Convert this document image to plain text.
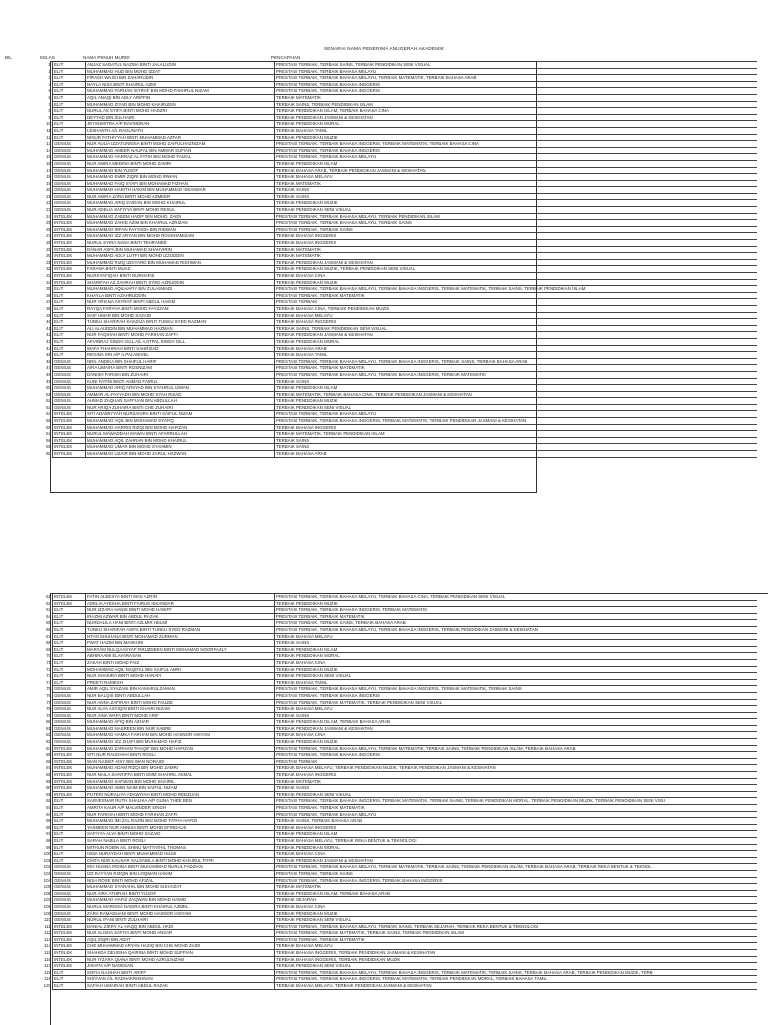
SENARAI NAMA PENERIMA ANUGERAH AKADEMIK
BIL	KELAS	NAMA PENUH MURID	PENCAPAIAN
1	ELIT	ANJAZ SADATUL NAZWA BINTI JALALUDIN	PRESTASI TERBAIK, TERBAIK SAINS, TERBAIK PENDIDIKAN SENI VISUAL
2	ELIT	MUHAMMAD HUD BIN MOHD IZZAT	PRESTASI TERBAIK, TERBAIK BAHASA MELAYU
3	ELIT	FIRASH WAJDI BIN ZAHARUDIN	PRESTASI TERBAIK, TERBAIK BAHASA MELAYU, TERBAIK MATEMATIK, TERBAIK BAHASA ARAB
4	ELIT	NAYLA NISA BINTI KHAIRUL AZMI	PRESTASI TERBAIK, TERBAIK BAHASA INGGERIS
5	ELIT	MUHAMMAD FARHAN ISYRAF BIN MOHD FAKHRUL NIZAM	PRESTASI TERBAIK, TERBAIK BAHASA INGGERIS
6	ELIT	AQIL ANAQI BIN ADLY ARIFFIN	TERBAIK MATEMATIK
7	ELIT	MUHAMMAD ZIYAD BIN MOHD KHAIRUDIN	TERBAIK SAINS, TERBAIK PENDIDIKAN ISLAM
8	ELIT	NURUL AS SYIFA BINTI MOHD HADZRI	TERBAIK PENDIDIKAN ISLAM, TERBAIK BAHASA CINA
9	ELIT	DEYYAD BIN ZULHAIRI	TERBAIK PENDIDIKAN JASMANI & KESIHATAN
10	ELIT	JEYSHMITRA A/P RAVINDRAN	TERBAIK PENDIDIKAN MORAL
11	ELIT	LESHANTH A/L RAGUNATH	TERBAIK BAHASA TAMIL
12	ELIT	NINUR FATHIYYAH BINTI MUHAMMAD AZFAR	TERBAIK PENDIDIKAN MUZIK
13	GENIUS	NUR AULIA IZZATUNNISA BINTI MOHD ZAIFULHAZNIZAM	PRESTASI TERBAIK, TERBAIK BAHASA INGGERIS, TERBAIK MATEMATIK, TERBAIK BAHASA CINA
14	GENIUS	MUHAMMAD AMEER NAUFAL BIN AMMAR SUFIAN	PRESTASI TERBAIK, TERBAIK BAHASA INGGERIS
15	GENIUS	MUHAMMAD HARRAZ AL FATIH BIN MOHD FAIZAL	PRESTASI TERBAIK, TERBAIK BAHASA MELAYU
16	GENIUS	NUR AMIRA MEDINA BINTI MOHD ZAMRI	TERBAIK PENDIDIKAN ISLAM
17	GENIUS	MUHAMMAD BIN YUSOF	TERBAIK BAHASA ARAB, TERBAIK PENDIDIKAN JASMANI & KESIHATAN
18	GENIUS	MUHAMMAD EMIR ZIQRI BIN MOHD IRWAN	TERBAIK BAHASA MELAYU
19	GENIUS	MUHAMMAD FAIQ SYAFI BIN MOHAMAD FIZHAN	TERBAIK MATEMATIK
20	GENIUS	MUHAMMAD HARITH HAKIM BIN MUHAMMAD ISKANDAR	TERBAIK SAINS
21	GENIUS	NUR AMIRA ZARA BINTI MOHD AZMEER	TERBAIK SAINS
22	GENIUS	MUHAMMAD ARIQ ZAIDAN BIN MOHD KHAIRUL	TERBAIK PENDIDIKAN MUZIK
23	GENIUS	NUR ADELIA SAFIYYA BINTI MOHD RESUL	TERBAIK PENDIDIKAN SENI VISUAL
24	INTELEK	MUHAMMAD ZAEEM HADIF BIN MOHD. ZAIDI	PRESTASI TERBAIK, TERBAIK BAHASA MELAYU, TERBAIK PENDIDIKAN ISLAM
25	INTELEK	MUHAMMAD ZAHID AZIM BIN KHAIRUL AZRIZAN	PRESTASI TERBAIK, TERBAIK BAHASA MELAYU, TERBAIK SAINS
26	INTELEK	MUHAMMAD IRFAN FAYYADH BIN RIDWAN	PRESTASI TERBAIK, TERBAIK SAINS
27	INTELEK	MUHAMMAD IZZ ARYAN BIN MOHD ROSSHAMIZAM	TERBAIK BAHASA INGGERIS
28	INTELEK	NURUL SYIRA NANA BINTI TEHRANEE	TERBAIK BAHASA INGGERIS
29	INTELEK	DANAR ASFA BIN MUHAMAD SHAHVIRIN	TERBAIK MATEMATIK
30	INTELEK	MUHAMMAD ADLY LUTFI BIN MOHD IZZUDDIN	TERBAIK MATEMATIK
31	INTELEK	MUHAMMAD RIZQ IZDIYARD BIN MUHAMAD RIDHWAN	TERBAIK PENDIDIKAN JASMANI & KESIHATAN
32	INTELEK	FARANA BINTI MUAZ	TERBAIK PENDIDIKAN MUZIK, TERBAIK PENDIDIKAN SENI VISUAL
33	INTELEK	NURSYAFIQAH BINTI NURHAFIS	TERBAIK BAHASA CINA
34	INTELEK	SHARIFAH AZ ZAHRAH BINTI SYED AZRUDDIN	TERBAIK PENDIDIKAN MUZIK
35	ELIT	MUHAMMAD AQILHAFIY BIN ZULASWADI	PRESTASI TERBAIK, TERBAIK BAHASA MELAYU, TERBAIK BAHASA INGGERIS, TERBAIK MATEMATIK, TERBAIK SAINS, TERBAIK PENDIDIKAN ISLAM
36	ELIT	KHAYLA BINTI AZAHRUDDIN	PRESTASI TERBAIK, TERBAIK MATEMATIK
37	ELIT	NUR ARIANA ASYRAF BINTI ABDUL HAKIM	PRESTASI TERBAIK
38	ELIT	RAYQA FARYHA BINTI MOHD FAYZZAM	TERBAIK BAHASA CINA, TERBAIK PENDIDIKAN MUZIK
39	ELIT	SAIF UMAR BIN MOHD SAZAID	TERBAIK BAHASA MELAYU
40	ELIT	TUNKU SHARIFAH KHADIJA BINTI TUNKU SYED RAZMAN	TERBAIK BAHASA INGGERIS
41	ELIT	ALI ALAUDDIN BIN MUHAMMAD HAZMAN	TERBAIK SAINS, TERBAIK PENDIDIKAN SENI VISUAL
42	ELIT	NUR FAQIHAH BINTI MOHD FARIHAN ZAFFI	TERBAIK PENDIDIKAN JASMANI & KESIHATAN
43	ELIT	AKVINRAJ SINGH GILL A/L AJITPAL SINGH GILL	TERBAIK PENDIDIKAN MORAL
44	ELIT	WAFA THAHIRAH BINTI SAHRIZAD	TERBAIK BAHASA ARAB
45	ELIT	REGINA SRI A/P A.PALANIVEL	TERBAIK BAHASA TAMIL
46	GENIUS	NRIL ANDIKA BIN SHAIFUL HARIF	PRESTASI TERBAIK, TERBAIK BAHASA MELAYU, TERBAIK BAHASA INGGERIS, TERBAIK SAINS, TERBAIK BAHASA ARAB
47	GENIUS	AIRA UMAIRA BINTI ROSNIZAM	PRESTASI TERBAIK, TERBAIK MATEMATIK
48	GENIUS	DANISH FARISH BIN ZUHAIRI	PRESTASI TERBAIK, TERBAIK BAHASA MELAYU, TERBAIK BAHASA INGGERIS, TERBAIK MATEMATIK
49	GENIUS	KUNI FATINI BINTI AHMAD FAIRUL	TERBAIK SAINS
50	GENIUS	MUHAMMAD ARIQ ARSYAD BIN SYAHRUL IZWAN	TERBAIK PENDIDIKAN ISLAM
51	GENIUS	AMMAR AL-FAYYADH BIN MOHD SYAH RIZAD	TERBAIK MATEMATIK, TERBAIK BAHASA CINA, TERBAIK PENDIDIKAN JASMANI & KESIHATAN
52	GENIUS	AHMAD ZAQUAN SAFFUAN BIN ABDULLAH	TERBAIK PENDIDIKAN MUZIK
53	GENIUS	NUR ARIQA ZUHAIRA BINTI CHE ZUHAIRI	TERBAIK PENDIDIKAN SENI VISUAL
54	INTELEK	SITI ADAWIYYAH NURZAHIRA BINTI SAIFUL NIZAM	PRESTASI TERBAIK, TERBAIK BAHASA MELAYU
55	INTELEK	MUHAMMAD AQIL BIN MOHAMAD SYAFIQ	PRESTASI TERBAIK, TERBAIK BAHASA INGGERIS, TERBAIK MATEMATIK, TERBAIK PENDIDIKAN JASMANI & KESIHATAN
56	INTELEK	MUHAMMAD HARRIS RIZQI BIN MOHD HAFIZAN	TERBAIK BAHASA INGGERIS
57	INTELEK	NURUL MAWADDAH MAWAI BINTI AFARRULLAH	TERBAIK MATEMATIK, TERBAIK PENDIDIKAN ISLAM
58	INTELEK	MUHAMMAD AQIL ZAHRAN BIN MOHD KHAIRUL	TERBAIK SAINS
59	INTELEK	MUHAMMAD UMAR BIN MOHD SYAHMIN	TERBAIK SAINS
60	INTELEK	MUHAMMAD UZAIR BIN MOHD ZARUL HAZWAN	TERBAIK BAHASA ARAB
61	INTELEK	FATIN ALEESYA BINTI MAS AZRIN	PRESTASI TERBAIK, TERBAIK BAHASA MELAYU, TERBAIK BAHASA CINA, TERBAIK PENDIDIKAN SENI VISUAL
62	INTELEK	ADELIA AYESHA BINTI FAIRUS ISKANDAR	TERBAIK PENDIDIKAN MUZIK
63	ELIT	NUR IZZARA HANIS BINTI MOHD HANIFF	PRESTASI TERBAIK, TERBAIK BAHASA INGGERIS, TERBAIK MATEMATIK
64	ELIT	IRAZMI AZWAR BIN ABDUL RAZAK	PRESTASI TERBAIK, TERBAIK MATEMATIK
65	ELIT	NURDALILA HANI BINTI AZLMIR HELMI	PRESTASI TERBAIK, TERBAIK SAINS, TERBAIK BAHASA ARAB
66	ELIT	TUNKU SHARIFAH ASIFA BINTI TUNKU SYED RAZMAN	PRESTASI TERBAIK, TERBAIK BAHASA MELAYU, TERBAIK BAHASA INGGERIS, TERBAIK PENDIDIKAN JASMANI & KESIHATAN
67	ELIT	NTAN SHUHANA BINTI MOHAMAD ZURMAN	TERBAIK BAHASA MELAYU
68	ELIT	FWAT HAZIM BIN MASKURI	TERBAIK SAINS
69	ELIT	MARYAM NULQAASYAF FIRUZDEEN BINTI MOHAMAD NOORFAZLY	TERBAIK PENDIDIKAN ISLAM
70	ELIT	ABHIRAAMI ELAYARASAN	TERBAIK PENDIDIKAN MORAL
71	ELIT	ZAKAH BINTI MOHD FAIZ	TERBAIK BAHASA CINA
72	ELIT	MOHAMMAD AQIL NAQIFAL BIN SAIFUL AMRI	TERBAIK PENDIDIKAN MUZIK
73	ELIT	NUR SHAKIRA BINTI MOHD HANAFI	TERBAIK PENDIDIKAN SENI VISUAL
74	ELIT	PREETI RAMESH	TERBAIK BAHASA TAMIL
75	GENIUS	AMIR AQIL SYAZANI BIN KAMARULZAMAN	PRESTASI TERBAIK, TERBAIK BAHASA MELAYU, TERBAIK BAHASA INGGERIS, TERBAIK MATEMATIK, TERBAIK SAINS
76	GENIUS	NUR BALQIS BINTI ABDULLAH	PRESTASI TERBAIK, TERBAIK BAHASA INGGERIS
77	GENIUS	NUR ANNA ZAFIRAH BINTI MOHD FAUZIE	PRESTASI TERBAIK, TERBAIK MATEMATIK, TERBAIK PENDIDIKAN SENI VISUAL
78	GENIUS	NUR ALYA ASYIQIN BINTI KHAIRI NIZAM	TERBAIK BAHASA MELAYU
79	GENIUS	NUR AINA WAFA BINTI MOHD ARIF	TERBAIK SAINS
80	GENIUS	MUHAMMAD AFIQ BIN AZHAR	TERBAIK PENDIDIKAN ISLAM, TERBAIK BAHASA ARAB
81	GENIUS	MUHAMMAD NASREEN BIN NUR SABRE	TERBAIK PENDIDIKAN JASMANI & KESIHATAN
82	GENIUS	MUHAMMAD HAMKA FARHAN BIN MOHD HASNOR HISYAM	TERBAIK BAHASA CINA
83	GENIUS	MUHAMMAD IZZ ZHAFI BIN MUHAMAD HAFIZ	TERBAIK PENDIDIKAN MUZIK
84	INTELEK	MUHAMMAD ZARHAN THAQIF BIN MOHD HAFIZAN	PRESTASI TERBAIK, TERBAIK BAHASA MELAYU, TERBAIK MATEMATIK, TERBAIK SAINS, TERBAIK PENDIDIKAN ISLAM, TERBAIK BAHASA ARAB
85	INTELEK	SITI NUR RAUDHAH BINTI ROSLI	PRESTASI TERBAIK, TERBAIK BAHASA INGGERIS
86	INTELEK	WAN NASEIF AISY BIN WAN NORAIDI	PRESTASI TERBAIK
87	INTELEK	MUHAMMAD ADAM RIZQI BIN MOHD ZAMRI	TERBAIK BAHASA MELAYU, TERBAIK PENDIDIKAN MUZIK, TERBAIK PENDIDIKAN JASMANI & KESIHATAN
88	INTELEK	NUR NAILA SHARIFFA BINTI EMM SHAHRIL AKMAL	TERBAIK BAHASA INGGERIS
89	INTELEK	MUHAMMAD SAFWAN BIN MOHD SHAIRIL	TERBAIK MATEMATIK
90	INTELEK	MUHAMMAD AMIN NAIM BIN SAIFUL NIZAM	TERBAIK SAINS
91	INTELEK	PUTERI NURALIYA ADAWIYAH BINTI MOHD REDZUAN	TERBAIK PENDIDIKAN SENI VISUAL
92	ELIT	SARVESNAR RUTH SHALHIA A/P GUNA THEE BEN	PRESTASI TERBAIK, TERBAIK BAHASA INGGERIS, TERBAIK MATEMATIK, TERBAIK SAINS, TERBAIK PENDIDIKAN MORAL, TERBAIK PENDIDIKAN MUZIK, TERBAIK PENDIDIKAN SENI VISU
93	ELIT	AMRITA KAUR A/P MALVINDER SINGH	PRESTASI TERBAIK, TERBAIK MATEMATIK
94	ELIT	NUR FARIHAH BINTI MOHD FARIHAN ZAFFI	PRESTASI TERBAIK, TERBAIK BAHASA MELAYU
95	ELIT	MUHAMMAD IMI ZAL RAZIN BIN MOHD FATHA HAFIZI	TERBAIK SAINS, TERBAIK BAHASA ARAB
96	ELIT	YASMEEN NUR ANNISA BINTI MOHD EFIRDAUS	TERBAIK BAHASA INGGERIS
97	ELIT	SAFIYYA ALYA BINTI MOHD SAZAID	TERBAIK PENDIDIKAN ISLAM
98	ELIT	SARAH NABILA BINTI ROSLI	TERBAIK BAHASA MELAYU, TERBAIK REKA BENTUK & TEKNOLOGI
99	ELIT	MITHUN ROBIN A/L SHINU MATTATHIL THOMAS	TERBAIK PENDIDIKAN MORAL
100	ELIT	ISMA NURAYDAH BINTI MUHAMMAD HILMI	TERBAIK BAHASA CINA
101	ELIT	CINTA NUR KAUSAR SALSABILA BINTI MOHD KHAIRUL FITRI	TERBAIK PENDIDIKAN JASMANI & KESIHATAN
102	GENIUS	IRH HUSNA IRDINA BINTI MUHAMMAD NURUL FADZIAN	PRESTASI TERBAIK, TERBAIK BAHASA MELAYU, TERBAIK MATEMATIK, TERBAIK SAINS, TERBAIK PENDIDIKAN ISLAM, TERBAIK BAHASA ARAB, TERBAIK REKA BENTUK & TEKNOL
103	GENIUS	IZZ RAYYAN RIZQIN BIN LOQMAN HAKIM	PRESTASI TERBAIK, TERBAIK SAINS
104	GENIUS	NISA ROSE BINTI MOHD AFIZAL	PRESTASI TERBAIK, TERBAIK BAHASA INGGERIS, TERBAIK BAHASA INGGERIS
105	GENIUS	MUHAMMAD SYARAHIL BIN MOHD SUHAIZAT	TERBAIK MATEMATIK
106	GENIUS	NUR AIRA ATHIRAH BINTI YUSOF	TERBAIK PENDIDIKAN ISLAM, TERBAIK BAHASA ARAB
107	GENIUS	MUHAMMAD HAFIZ ZAQWAN BIN MOHD HAMID	TERBAIK SEJARAH
108	GENIUS	NURUL MARISSA NADIRA BINTI KHAIRUL AZMEL	TERBAIK BAHASA CINA
109	GENIUS	ZARA RAMADHANI BINTI MOHD HASNOR HISYAM	TERBAIK PENDIDIKAN MUZIK
110	GENIUS	NURUL IFANI BINTI ZULHAIRI	TERBAIK PENDIDIKAN SENI VISUAL
111	INTELEK	DANIAL ZIKRY AL-HAQQ BIN ABDUL HADI	PRESTASI TERBAIK, TERBAIK BAHASA MELAYU, TERBAIK SAINS, TERBAIK SEJARAH, TERBAIK REKA BENTUK & TEKNOLOGI
112	INTELEK	NUR ALISHA SAFIYA BINTI MOHD ANSAR	PRESTASI TERBAIK, TERBAIK MATEMATIK, TERBAIK SAINS, TERBAIK PENDIDIKAN ISLAM
113	INTELEK	AQIL ZIQRI BIN AIDIT	PRESTASI TERBAIK, TERBAIK MATEMATIK
114	INTELEK	CHE MUHAMMAD ARYAN HAZIQ BIN CHE MOHD ZAIDI	TERBAIK BAHASA MELAYU
115	INTELEK	SHAHIDA DEUISHA QAIRINA BINTI MOHD SUFFIAN	TERBAIK BAHASA INGGERIS, TERBAIK PENDIDIKAN JASMANI & KESIHATAN
116	INTELEK	NUR IYZARA QIANA BINTI MOHD AZRULNIZAM	TERBAIK BAHASA INGGERIS, TERBAIK PENDIDIKAN MUZIK
117	INTELEK	JISHITA A/P NADESAN	TERBAIK PENDIDIKAN SENI VISUAL
118	ELIT	SOFIA NAJIHAH BINTI ARIFF	PRESTASI TERBAIK, TERBAIK BAHASA MELAYU, TERBAIK BAHASA INGGERIS, TERBAIK MATEMATIK, TERBAIK SAINS, TERBAIK BAHASA ARAB, TERBAIK PENDIDIKAN MUZIK, TERB
119	ELIT	SHIVVAN A/L RADHAKRISHNAN	PRESTASI TERBAIK, TERBAIK BAHASA INGGERIS, TERBAIK MATEMATIK, TERBAIK PENDIDIKAN MORAL, TERBAIK BAHASA TAMIL
120	ELIT	SAFIAH UMAIRAH BINTI ABDUL RAZAK	TERBAIK BAHASA MELAYU, TERBAIK PENDIDIKAN JASMANI & KESIHATAN
